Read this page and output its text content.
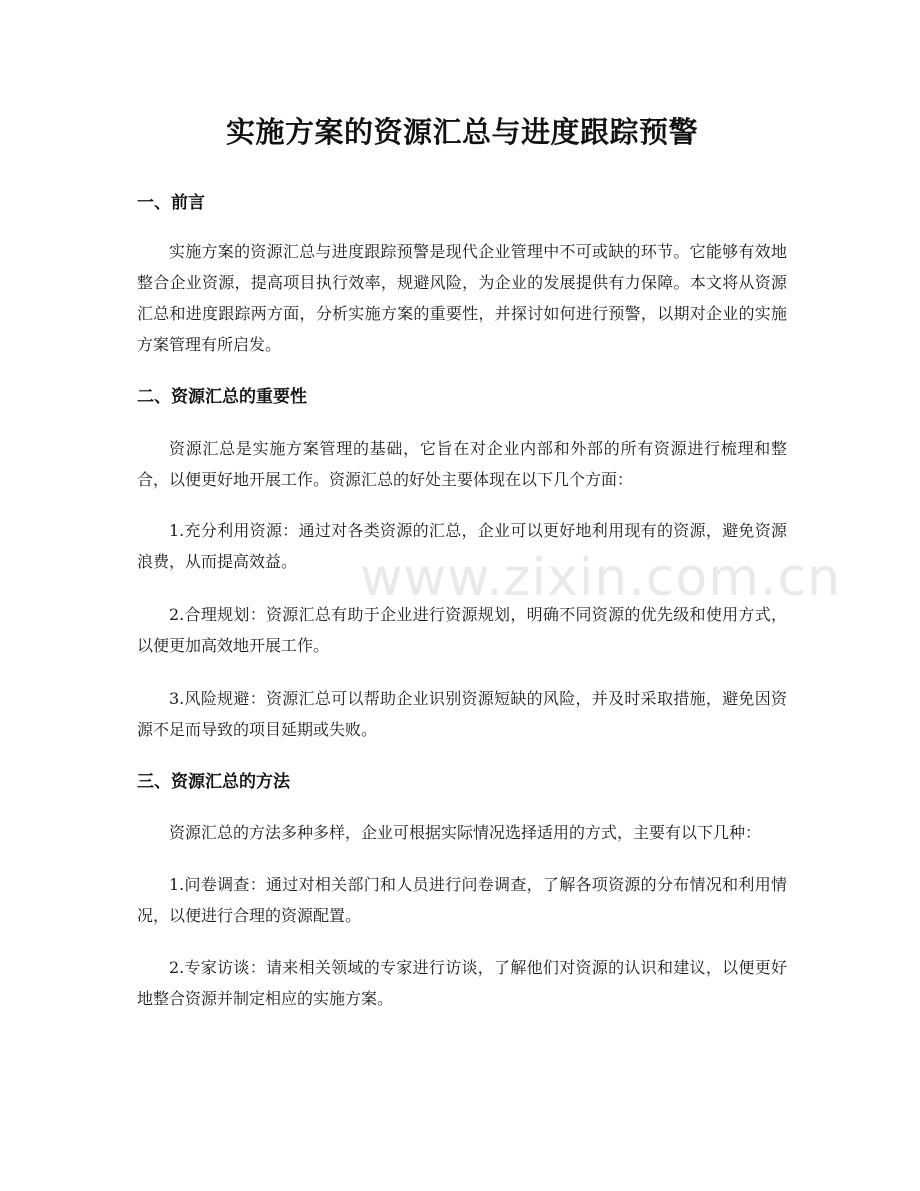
实施方案的资源汇总与进度跟踪预警
一、前言

实施方案的资源汇总与进度跟踪预警是现代企业管理中不可或缺的环节。它能够有效地整合企业资源，提高项目执行效率，规避风险，为企业的发展提供有力保障。本文将从资源汇总和进度跟踪两方面，分析实施方案的重要性，并探讨如何进行预警，以期对企业的实施方案管理有所启发。

二、资源汇总的重要性

资源汇总是实施方案管理的基础，它旨在对企业内部和外部的所有资源进行梳理和整合，以便更好地开展工作。资源汇总的好处主要体现在以下几个方面：

1.充分利用资源：通过对各类资源的汇总，企业可以更好地利用现有的资源，避免资源浪费，从而提高效益。

2.合理规划：资源汇总有助于企业进行资源规划，明确不同资源的优先级和使用方式，以便更加高效地开展工作。

3.风险规避：资源汇总可以帮助企业识别资源短缺的风险，并及时采取措施，避免因资源不足而导致的项目延期或失败。

三、资源汇总的方法

资源汇总的方法多种多样，企业可根据实际情况选择适用的方式，主要有以下几种：

1.问卷调查：通过对相关部门和人员进行问卷调查，了解各项资源的分布情况和利用情况，以便进行合理的资源配置。

2.专家访谈：请来相关领域的专家进行访谈，了解他们对资源的认识和建议，以便更好地整合资源并制定相应的实施方案。

www.zixin.com.cn
